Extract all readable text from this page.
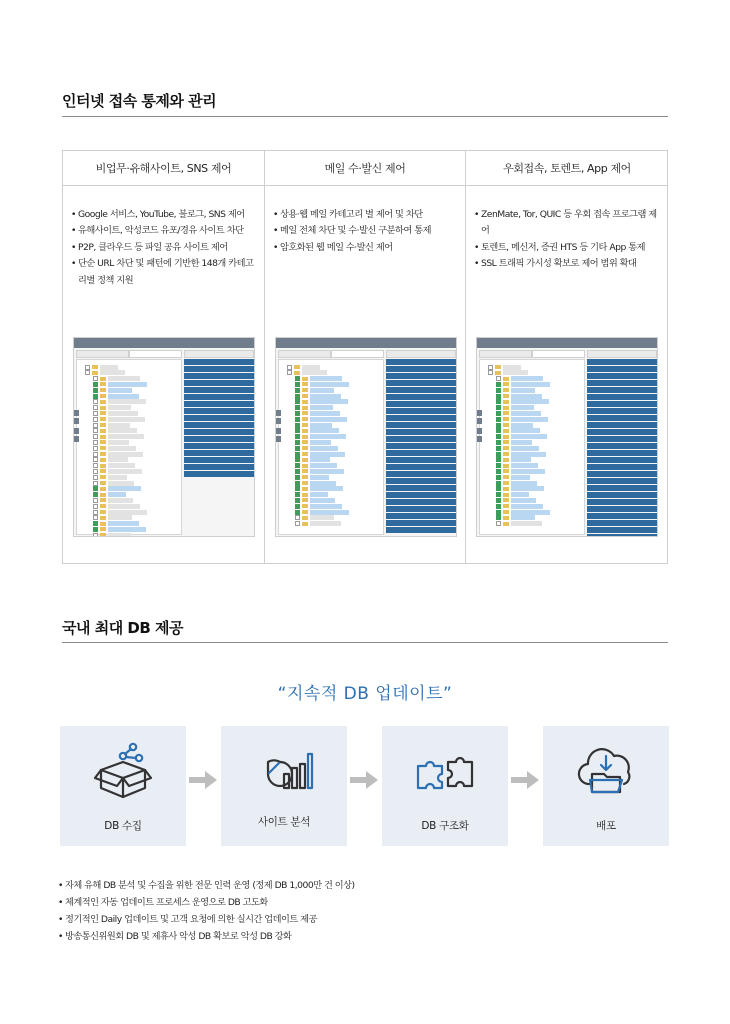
인터넷 접속 통제와 관리
비업무·유해사이트, SNS 제어
• Google 서비스, YouTube, 블로그, SNS 제어
• 유해사이트, 악성코드 유포/경유 사이트 차단
• P2P, 클라우드 등 파일 공유 사이트 제어
• 단순 URL 차단 및 패턴에 기반한 148개 카테고리별 정책 지원
메일 수·발신 제어
• 상용·웹 메일 카테고리 별 제어 및 차단
• 메일 전체 차단 및 수·발신 구분하여 통제
• 암호화된 웹 메일 수·발신 제어
우회접속, 토렌트, App 제어
• ZenMate, Tor, QUIC 등 우회 접속 프로그램 제어
• 토렌트, 메신저, 증권 HTS 등 기타 App 통제
• SSL 트래픽 가시성 확보로 제어 범위 확대
국내 최대 DB 제공
“지속적 DB 업데이트”
DB 수집	사이트 분석	DB 구조화	배포
• 자체 유해 DB 분석 및 수집을 위한 전문 인력 운영 (정제 DB 1,000만 건 이상)
• 체계적인 자동 업데이트 프로세스 운영으로 DB 고도화
• 정기적인 Daily 업데이트 및 고객 요청에 의한 실시간 업데이트 제공
• 방송통신위원회 DB 및 제휴사 악성 DB 확보로 악성 DB 강화
